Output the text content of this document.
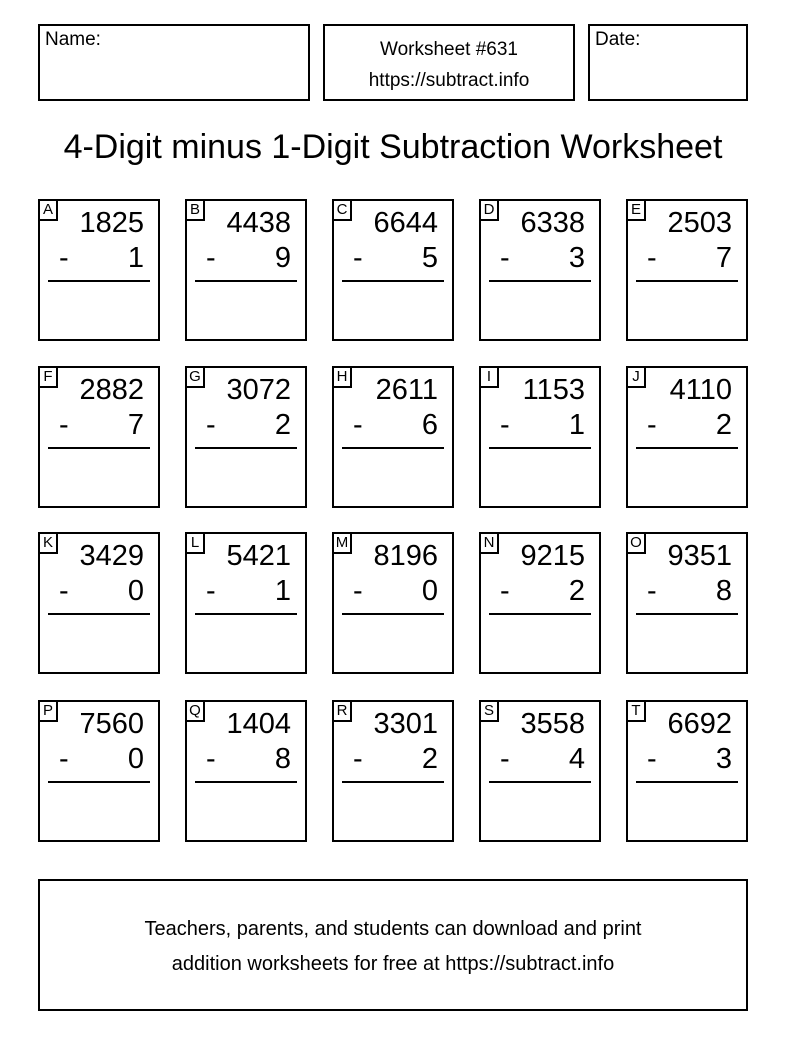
Name:	Worksheet #631
https://subtract.info
Date:
4-Digit minus 1-Digit Subtraction Worksheet
A 1825
- 1
B 4438
- 9
C 6644
- 5
D 6338
- 3
E 2503
- 7
F 2882
- 7
G 3072
- 2
H 2611
- 6
I 1153
- 1
J 4110
- 2
K 3429
- 0
L 5421
- 1
M 8196
- 0
N 9215
- 2
O 9351
- 8
P 7560
- 0
Q 1404
- 8
R 3301
- 2
S 3558
- 4
T 6692
- 3
Teachers, parents, and students can download and print
addition worksheets for free at https://subtract.info
